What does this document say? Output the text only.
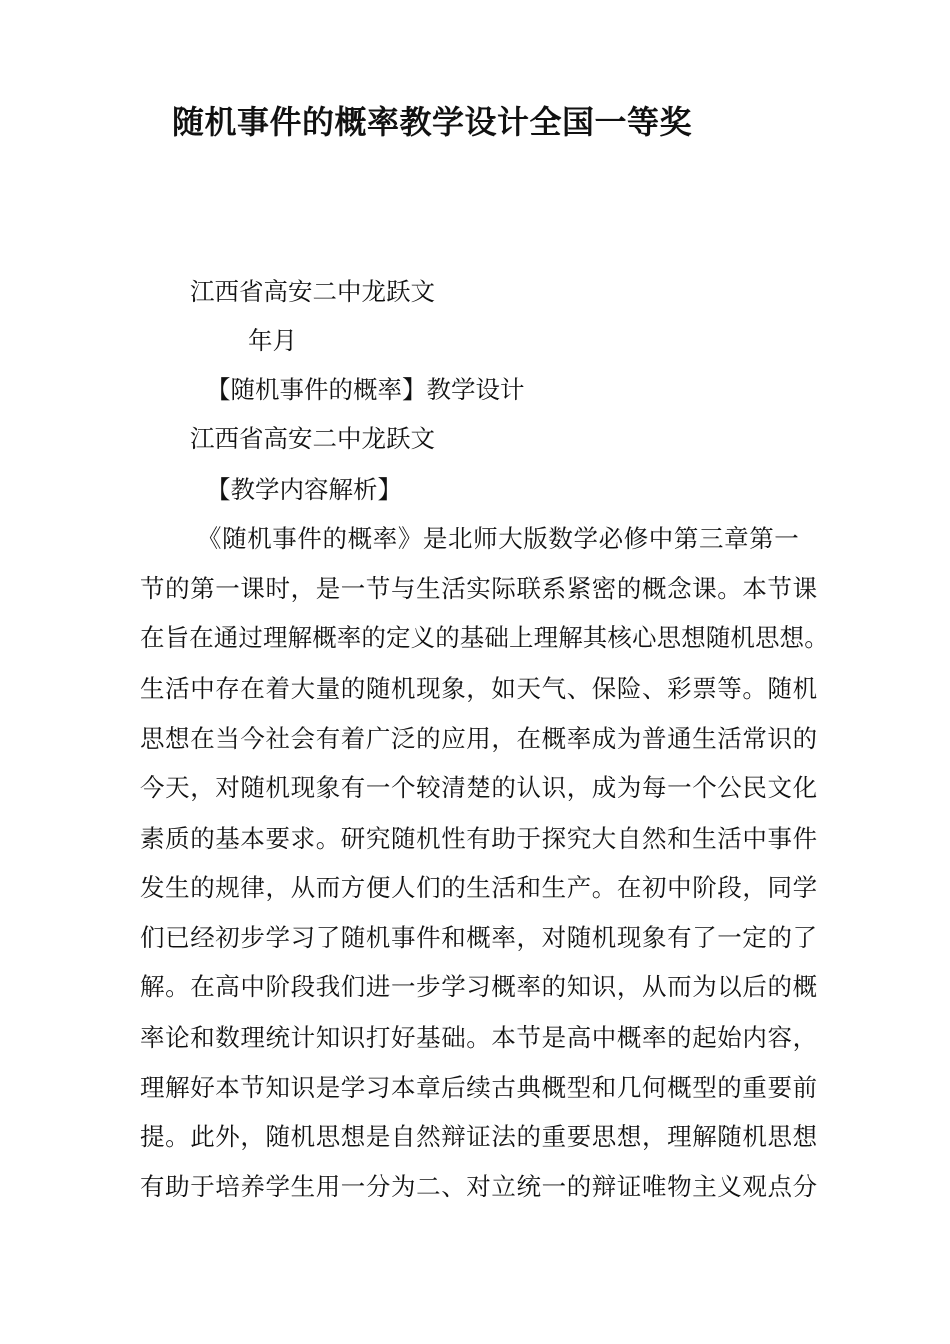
随机事件的概率教学设计全国一等奖
江西省高安二中龙跃文
年月
【随机事件的概率】教学设计
江西省高安二中龙跃文
【教学内容解析】
《随机事件的概率》是北师大版数学必修中第三章第一
节的第一课时，是一节与生活实际联系紧密的概念课。本节课
在旨在通过理解概率的定义的基础上理解其核心思想随机思想。
生活中存在着大量的随机现象，如天气、保险、彩票等。随机
思想在当今社会有着广泛的应用，在概率成为普通生活常识的
今天，对随机现象有一个较清楚的认识，成为每一个公民文化
素质的基本要求。研究随机性有助于探究大自然和生活中事件
发生的规律，从而方便人们的生活和生产。在初中阶段，同学
们已经初步学习了随机事件和概率，对随机现象有了一定的了
解。在高中阶段我们进一步学习概率的知识，从而为以后的概
率论和数理统计知识打好基础。本节是高中概率的起始内容，
理解好本节知识是学习本章后续古典概型和几何概型的重要前
提。此外，随机思想是自然辩证法的重要思想，理解随机思想
有助于培养学生用一分为二、对立统一的辩证唯物主义观点分
